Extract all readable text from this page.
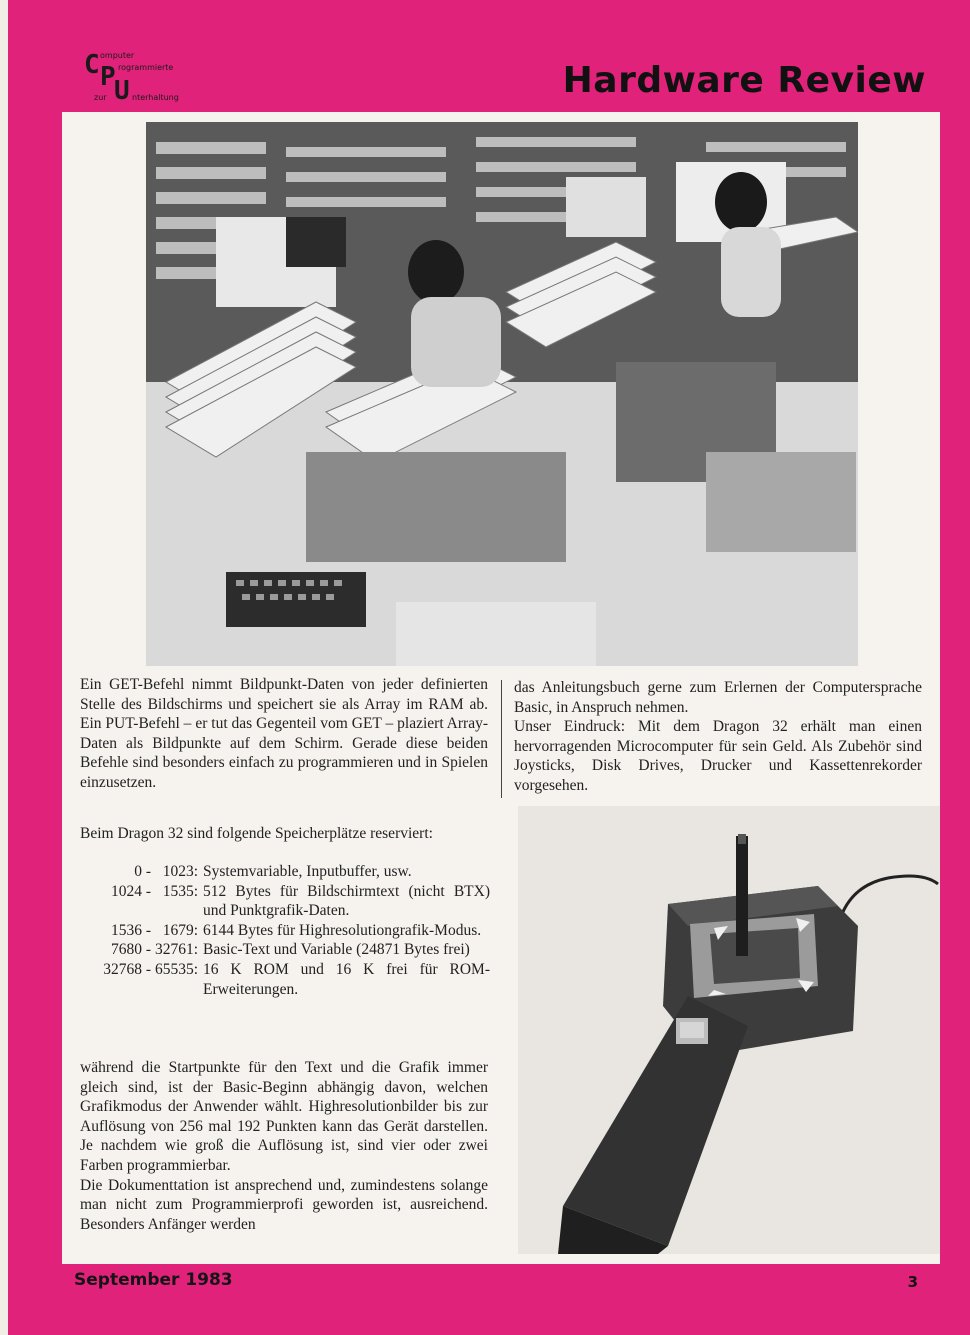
C omputer
P rogrammierte
zur U nterhaltung	Hardware Review

Ein GET-Befehl nimmt Bildpunkt-Daten von jeder definierten Stelle des Bildschirms und speichert sie als Array im RAM ab. Ein PUT-Befehl – er tut das Gegenteil vom GET – plaziert Array-Daten als Bildpunkte auf dem Schirm. Gerade diese beiden Befehle sind besonders einfach zu programmieren und in Spielen einzusetzen.

Beim Dragon 32 sind folgende Speicherplätze reserviert:

0 -   1023: Systemvariable, Inputbuffer, usw.
1024 -   1535: 512 Bytes für Bildschirmtext (nicht BTX) und Punktgrafik-Daten.
1536 -   1679: 6144 Bytes für Highresolutiongrafik-Modus.
7680 - 32761: Basic-Text und Variable (24871 Bytes frei)
32768 - 65535: 16 K ROM und 16 K frei für ROM-Erweiterungen.

während die Startpunkte für den Text und die Grafik immer gleich sind, ist der Basic-Beginn abhängig davon, welchen Grafikmodus der Anwender wählt. Highresolutionbilder bis zur Auflösung von 256 mal 192 Punkten kann das Gerät darstellen. Je nachdem wie groß die Auflösung ist, sind vier oder zwei Farben programmierbar.

Die Dokumenttation ist ansprechend und, zumindestens solange man nicht zum Programmierprofi geworden ist, ausreichend. Besonders Anfänger werden

das Anleitungsbuch gerne zum Erlernen der Computersprache Basic, in Anspruch nehmen.

Unser Eindruck: Mit dem Dragon 32 erhält man einen hervorragenden Microcomputer für sein Geld. Als Zubehör sind Joysticks, Disk Drives, Drucker und Kassettenrekorder vorgesehen.

September 1983	3
